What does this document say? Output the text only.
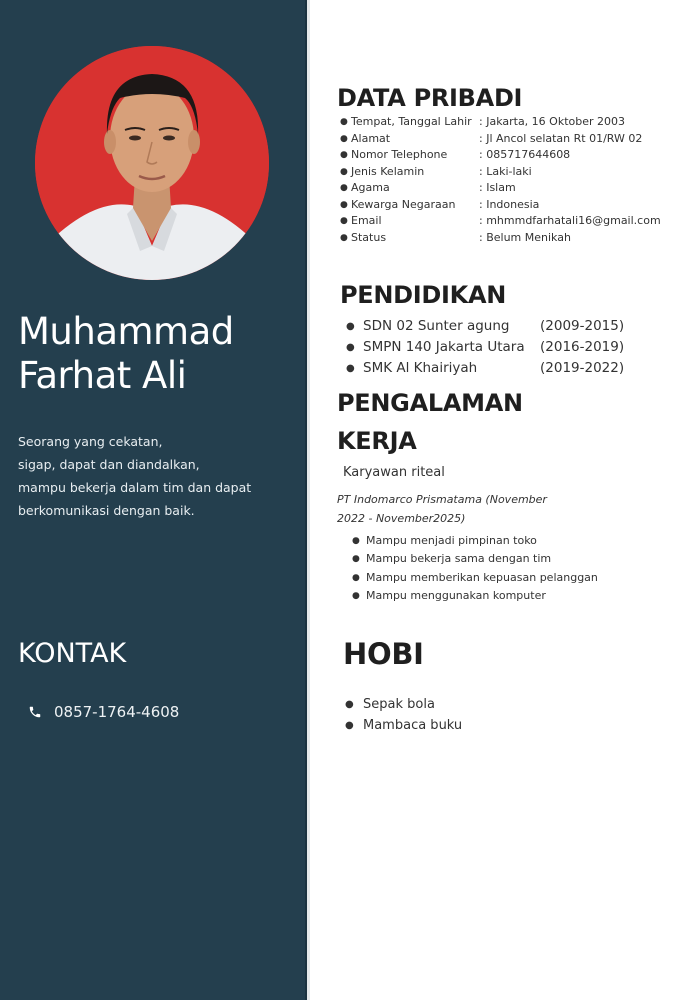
Muhammad
Farhat Ali
Seorang yang cekatan,
sigap, dapat dan diandalkan,
mampu bekerja dalam tim dan dapat
berkomunikasi dengan baik.
KONTAK
0857-1764-4608
DATA PRIBADI
● Tempat, Tanggal Lahir : Jakarta, 16 Oktober 2003
● Alamat	: Jl Ancol selatan Rt 01/RW 02
● Nomor Telephone	: 085717644608
● Jenis Kelamin	: Laki-laki
● Agama	: Islam
● Kewarga Negaraan	: Indonesia
● Email	: mhmmdfarhatali16@gmail.com
● Status	: Belum Menikah
PENDIDIKAN
● SDN 02 Sunter agung	(2009-2015)
● SMPN 140 Jakarta Utara	(2016-2019)
● SMK Al Khairiyah	(2019-2022)
PENGALAMAN
KERJA
Karyawan riteal
PT Indomarco Prismatama (November
2022 - November2025)
● Mampu menjadi pimpinan toko
● Mampu bekerja sama dengan tim
● Mampu memberikan kepuasan pelanggan
● Mampu menggunakan komputer
HOBI
● Sepak bola
● Mambaca buku
